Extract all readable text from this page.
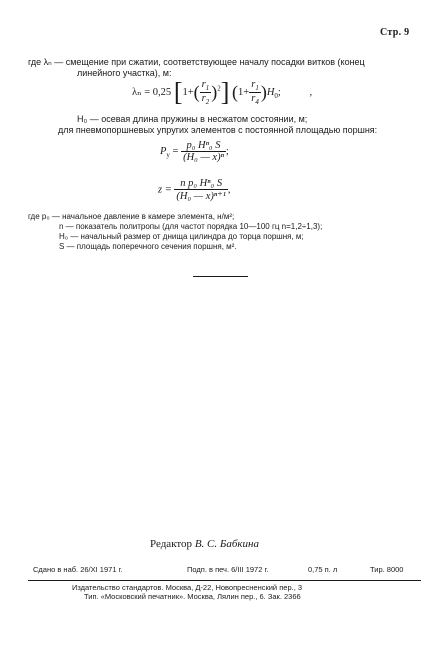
Стр. 9
где λₙ — смещение при сжатии, соответствующее началу посадки витков (конец
линейного участка), м:
λₙ = 0,25 $[1+( \frac{r_1}{r_2} )^2]$ $(1+ \frac{r_1}{r_4} )H_0$;	,
H₀ — осевая длина пружины в несжатом состоянии, м;
для пневмопоршневых упругих элементов с постоянной площадью поршня:
$P_y = \frac{\text{p₀ Hⁿ₀ S}}{\text{(H₀ — x)ⁿ}}$ ;
$z = \frac{\text{n p₀ Hⁿ₀ S}}{\text{(H₀ — x)ⁿ⁺¹}}$ ,
где p₀ — начальное давление в камере элемента, н/м²;
n — показатель политропы (для частот порядка 10—100 гц n=1,2÷1,3);
H₀ — начальный размер от днища цилиндра до торца поршня, м;
S — площадь поперечного сечения поршня, м².
Редактор В. С. Бабкина
Сдано в наб. 26/XI 1971 г.	Подп. в печ. 6/III 1972 г.	0,75 п. л	Тир. 8000
Издательство стандартов. Москва, Д-22, Новопресненский пер., 3
Тип. «Московский печатник». Москва, Лялин пер., 6. Зак. 2366
